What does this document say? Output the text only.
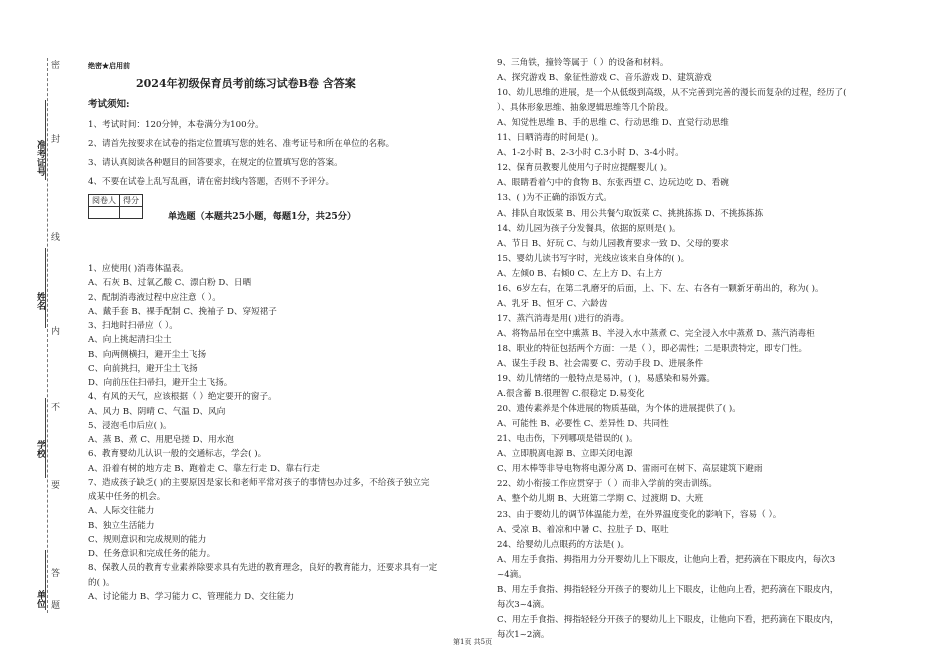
密
封
线
内
不
要
答
题
准考证号
姓名
学校
单位
绝密★启用前
2024年初级保育员考前练习试卷B卷 含答案
考试须知:
1、考试时间：120分钟，本卷满分为100分。
2、请首先按要求在试卷的指定位置填写您的姓名、准考证号和所在单位的名称。
3、请认真阅读各种题目的回答要求，在规定的位置填写您的答案。
4、不要在试卷上乱写乱画，请在密封线内答题，否则不予评分。
阅卷人	得分

单选题（本题共25小题，每题1分，共25分）
1、应使用( )消毒体温表。
A、石灰 B、过氧乙酸 C、漂白粉 D、日晒
2、配制消毒液过程中应注意（ ）。
A、戴手套 B、裸手配制 C、挽袖子 D、穿短裙子
3、扫地时扫帚应（ ）。
A、向上挑起清扫尘土
B、向两侧横扫，避开尘土飞扬
C、向前挑扫，避开尘土飞扬
D、向前压住扫帚扫，避开尘土飞扬。
4、有风的天气，应该根据（ ）绝定要开的窗子。
A、风力 B、阴晴 C、气温 D、风向
5、浸泡毛巾后应( )。
A、蒸 B、煮 C、用肥皂搓 D、用水泡
6、教育婴幼儿认识一般的交通标志，学会( )。
A、沿着有树的地方走 B、跑着走 C、靠左行走 D、靠右行走
7、造成孩子缺乏( )的主要原因是家长和老师平常对孩子的事情包办过多，不给孩子独立完
成某中任务的机会。
A、人际交往能力
B、独立生活能力
C、规则意识和完成规则的能力
D、任务意识和完成任务的能力。
8、保教人员的教育专业素养除要求具有先进的教育理念，良好的教育能力，还要求具有一定
的( )。
A、讨论能力 B、学习能力 C、管理能力 D、交往能力
9、三角铁，撞铃等属于（ ）的设备和材料。
A、探究游戏 B、象征性游戏 C、音乐游戏 D、建筑游戏
10、幼儿思维的进展，是一个从低级到高级，从不完善到完善的漫长而复杂的过程，经历了(
）、具体形象思维、抽象逻辑思维等几个阶段。
A、知觉性思维 B、手的思维 C、行动思维 D、直觉行动思维
11、日晒消毒的时间是( )。
A、1-2小时 B、2-3小时 C.3小时 D、3-4小时。
12、保育员教婴儿使用勺子时应提醒婴儿( )。
A、眼睛看着勺中的食物 B、东张西望 C、边玩边吃 D、看碗
13、( )为不正确的添饭方式。
A、排队自取饭菜 B、用公共餐勺取饭菜 C、挑挑拣拣 D、不挑拣拣拣
14、幼儿园为孩子分发餐具，依据的原则是( )。
A、节日 B、好玩 C、与幼儿园教育要求一致 D、父母的要求
15、婴幼儿读书写字时，光线应该来自身体的( )。
A、左倾0 B、右倾0 C、左上方 D、右上方
16、6岁左右，在第二乳磨牙的后面，上、下、左、右各有一颗新牙萌出的，称为( )。
A、乳牙 B、恒牙 C、六龄齿
17、蒸汽消毒是用( )进行的消毒。
A、将物品吊在空中熏蒸 B、半浸入水中蒸煮 C、完全浸入水中蒸煮 D、蒸汽消毒柜
18、职业的特征包括两个方面：一是（ ），即必需性；二是职责特定，即专门性。
A、谋生手段 B、社会需要 C、劳动手段 D、进展条件
19、幼儿情绪的一般特点是易冲，( )，易感染和易外露。
A.很含蓄 B.很理智 C.很稳定 D.易变化
20、遗传素养是个体进展的物质基础，为个体的进展提供了( )。
A、可能性 B、必要性 C、差异性 D、共同性
21、电击伤，下列哪项是错误的( )。
A、立即脱离电源 B、立即关闭电源
C、用木棒等非导电物将电源分离 D、雷雨可在树下、高层建筑下避雨
22、幼小衔接工作应贯穿于（ ）而非入学前的突击训练。
A、整个幼儿期 B、大班第二学期 C、过渡期 D、大班
23、由于婴幼儿的调节体温能力差，在外界温度变化的影响下，容易（ ）。
A、受凉 B、着凉和中暑 C、拉肚子 D、呕吐
24、给婴幼儿点眼药的方法是( )。
A、用左手食指、拇指用力分开婴幼儿上下眼皮，让他向上看，把药滴在下眼皮内，每次3
~4滴。
B、用左手食指、拇指轻轻分开孩子的婴幼儿上下眼皮，让他向上看，把药滴在下眼皮内，
每次3~4滴。
C、用左手食指、拇指轻轻分开孩子的婴幼儿上下眼皮，让他向下看，把药滴在下眼皮内，
每次1~2滴。
第1页 共5页
